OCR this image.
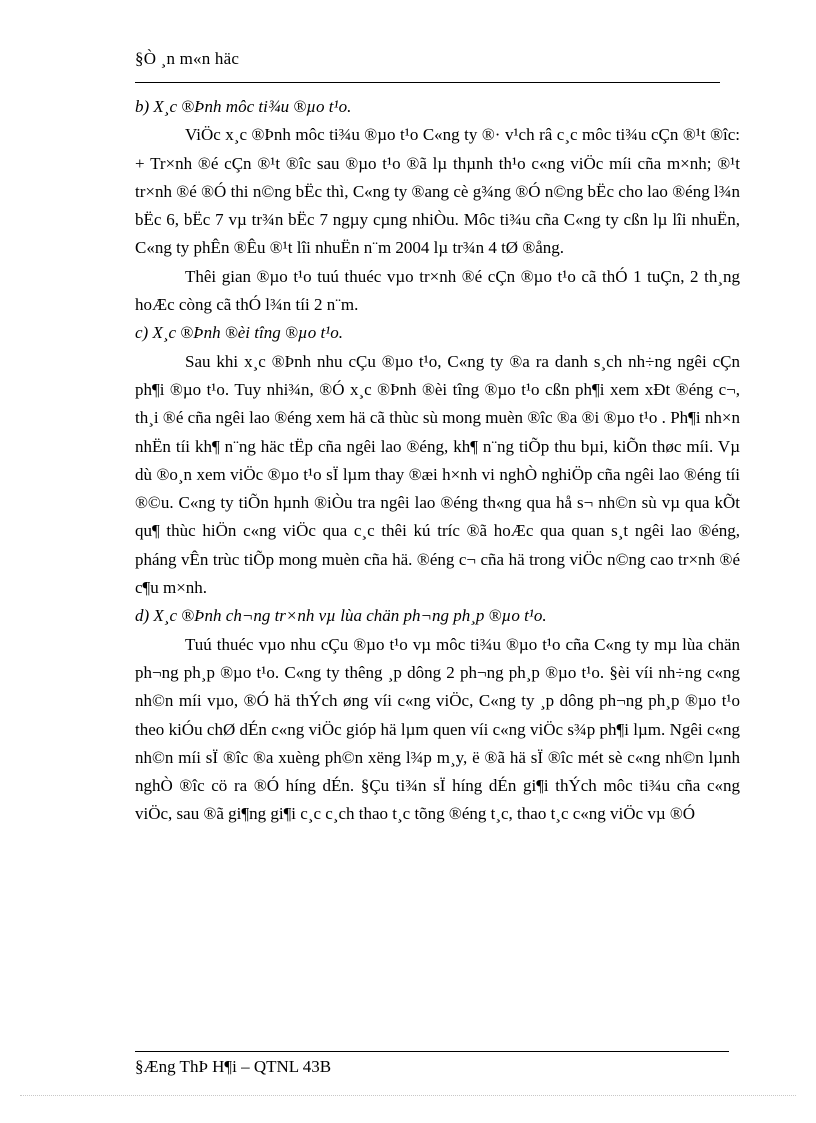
§Ò ¸n m«n häc

b) X¸c ®Þnh môc ti¾u ®µo t¹o.

ViÖc x¸c ®Þnh môc ti¾u ®µo t¹o C«ng ty ®· v¹ch râ c¸c môc ti¾u cÇn ®¹t ®îc: + Tr×nh ®é cÇn ®¹t ®îc sau ®µo t¹o ®ã lµ thµnh th¹o c«ng viÖc míi cña m×nh; ®¹t tr×nh ®é ®Ó thi n©ng bËc thì, C«ng ty ®ang cè g¾ng ®Ó n©ng bËc cho lao ®éng l¾n bËc 6, bËc 7 vµ tr¾n bËc 7 ngµy cµng nhiÒu. Môc ti¾u cña C«ng ty cßn lµ lîi nhuËn, C«ng ty phÊn ®Êu ®¹t lîi nhuËn n¨m 2004 lµ tr¾n 4 tØ ®ång.

Thêi gian ®µo t¹o tuú thuéc vµo tr×nh ®é cÇn ®µo t¹o cã thÓ 1 tuÇn, 2 th¸ng hoÆc còng cã thÓ l¾n tíi 2 n¨m.

c) X¸c ®Þnh ®èi tîng ®µo t¹o.

Sau khi x¸c ®Þnh nhu cÇu ®µo t¹o, C«ng ty ®a ra danh s¸ch nh÷ng ngêi cÇn ph¶i ®µo t¹o. Tuy nhi¾n, ®Ó x¸c ®Þnh ®èi tîng ®µo t¹o cßn ph¶i xem xÐt ®éng c¬, th¸i ®é cña ngêi lao ®éng xem hä cã thùc sù mong muèn ®îc ®a ®i ®µo t¹o . Ph¶i nh×n nhËn tíi kh¶ n¨ng häc tËp cña ngêi lao ®éng, kh¶ n¨ng tiÕp thu bµi, kiÕn thøc míi. Vµ dù ®o¸n xem viÖc ®µo t¹o sÏ lµm thay ®æi h×nh vi nghÒ nghiÖp cña ngêi lao ®éng tíi ®©u. C«ng ty tiÕn hµnh ®iÒu tra ngêi lao ®éng th«ng qua hå s¬ nh©n sù vµ qua kÕt qu¶ thùc hiÖn c«ng viÖc qua c¸c thêi kú tríc ®ã hoÆc qua quan s¸t ngêi lao ®éng, pháng vÊn trùc tiÕp mong muèn cña hä. ®éng c¬ cña hä trong viÖc n©ng cao tr×nh ®é c¶u m×nh.

d) X¸c ®Þnh ch¬ng tr×nh vµ lùa chän ph¬ng ph¸p ®µo t¹o.

Tuú thuéc vµo nhu cÇu ®µo t¹o vµ môc ti¾u ®µo t¹o cña C«ng ty mµ lùa chän ph¬ng ph¸p ®µo t¹o. C«ng ty thêng ¸p dông 2 ph¬ng ph¸p ®µo t¹o. §èi víi nh÷ng c«ng nh©n míi vµo, ®Ó hä thÝch øng víi c«ng viÖc, C«ng ty ¸p dông ph¬ng ph¸p ®µo t¹o theo kiÓu chØ dÉn c«ng viÖc gióp hä lµm quen víi c«ng viÖc s¾p ph¶i lµm. Ngêi c«ng nh©n míi sÏ ®îc ®a xuèng ph©n xëng l¾p m¸y, ë ®ã hä sÏ ®îc mét sè c«ng nh©n lµnh nghÒ ®îc cö ra ®Ó híng dÉn. §Çu ti¾n sÏ híng dÉn gi¶i thÝch môc ti¾u cña c«ng viÖc, sau ®ã gi¶ng gi¶i c¸c c¸ch thao t¸c tõng ®éng t¸c, thao t¸c c«ng viÖc vµ ®Ó

§Æng ThÞ H¶i – QTNL 43B
